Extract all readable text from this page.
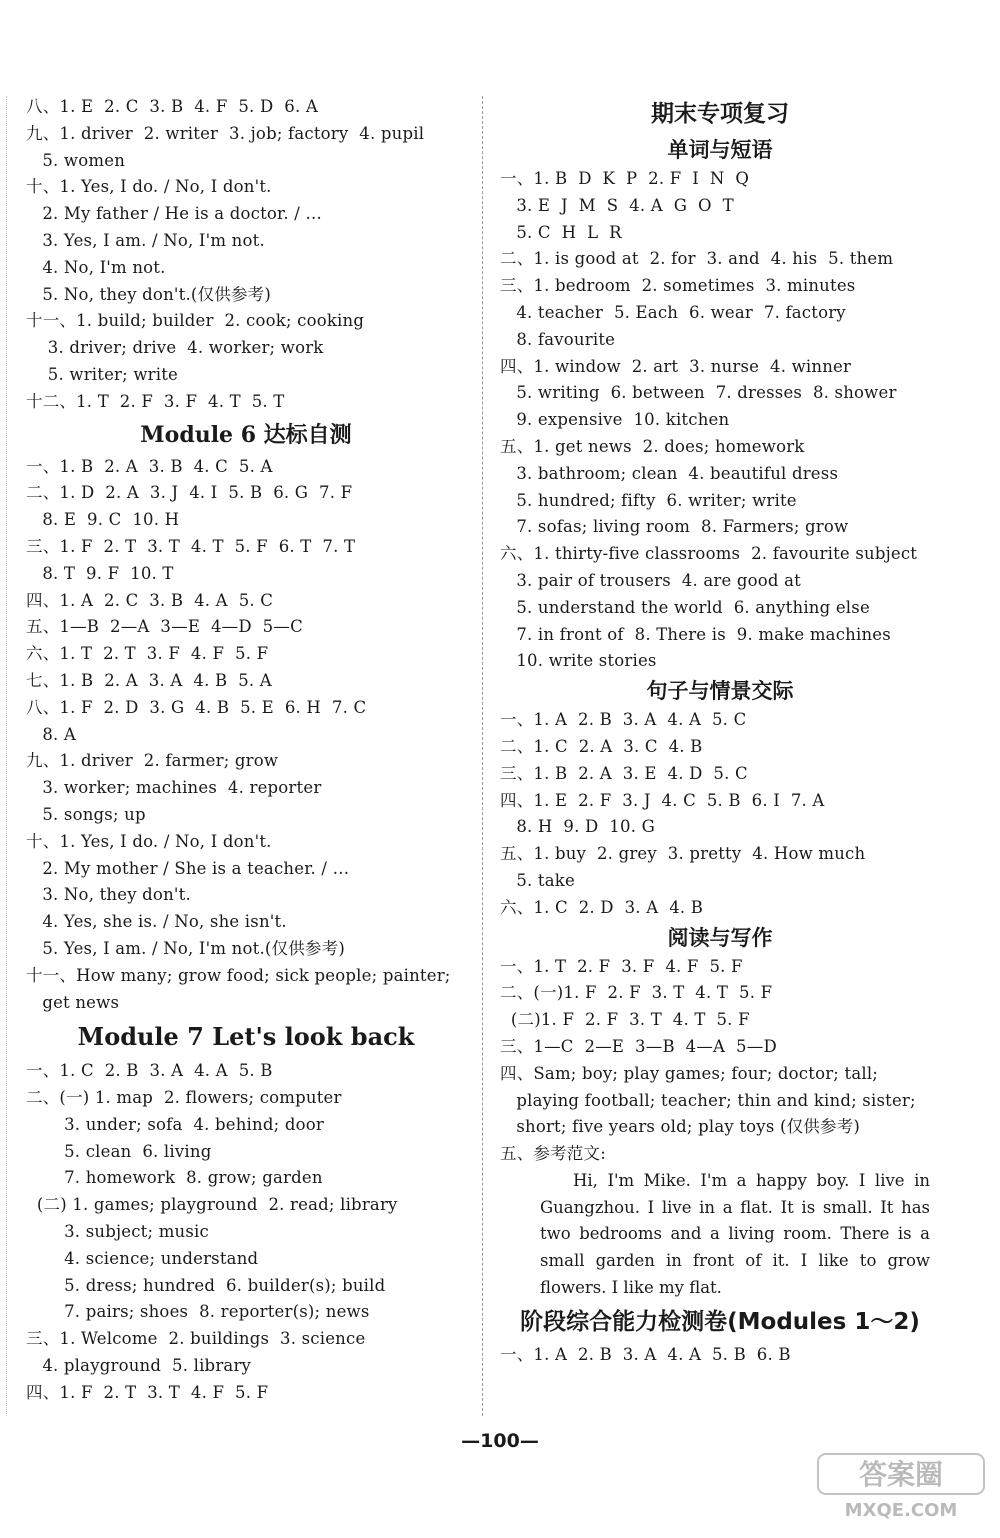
八、1. E  2. C  3. B  4. F  5. D  6. A
九、1. driver  2. writer  3. job; factory  4. pupil
5. women
十、1. Yes, I do. / No, I don't.
2. My father / He is a doctor. / …
3. Yes, I am. / No, I'm not.
4. No, I'm not.
5. No, they don't.(仅供参考)
十一、1. build; builder  2. cook; cooking
3. driver; drive  4. worker; work
5. writer; write
十二、1. T  2. F  3. F  4. T  5. T
Module 6 达标自测
一、1. B  2. A  3. B  4. C  5. A
二、1. D  2. A  3. J  4. I  5. B  6. G  7. F
8. E  9. C  10. H
三、1. F  2. T  3. T  4. T  5. F  6. T  7. T
8. T  9. F  10. T
四、1. A  2. C  3. B  4. A  5. C
五、1—B  2—A  3—E  4—D  5—C
六、1. T  2. T  3. F  4. F  5. F
七、1. B  2. A  3. A  4. B  5. A
八、1. F  2. D  3. G  4. B  5. E  6. H  7. C
8. A
九、1. driver  2. farmer; grow
3. worker; machines  4. reporter
5. songs; up
十、1. Yes, I do. / No, I don't.
2. My mother / She is a teacher. / …
3. No, they don't.
4. Yes, she is. / No, she isn't.
5. Yes, I am. / No, I'm not.(仅供参考)
十一、How many; grow food; sick people; painter;
get news
Module 7 Let's look back
一、1. C  2. B  3. A  4. A  5. B
二、(一) 1. map  2. flowers; computer
3. under; sofa  4. behind; door
5. clean  6. living
7. homework  8. grow; garden
(二) 1. games; playground  2. read; library
3. subject; music
4. science; understand
5. dress; hundred  6. builder(s); build
7. pairs; shoes  8. reporter(s); news
三、1. Welcome  2. buildings  3. science
4. playground  5. library
四、1. F  2. T  3. T  4. F  5. F
期末专项复习
单词与短语
一、1. B  D  K  P  2. F  I  N  Q
3. E  J  M  S  4. A  G  O  T
5. C  H  L  R
二、1. is good at  2. for  3. and  4. his  5. them
三、1. bedroom  2. sometimes  3. minutes
4. teacher  5. Each  6. wear  7. factory
8. favourite
四、1. window  2. art  3. nurse  4. winner
5. writing  6. between  7. dresses  8. shower
9. expensive  10. kitchen
五、1. get news  2. does; homework
3. bathroom; clean  4. beautiful dress
5. hundred; fifty  6. writer; write
7. sofas; living room  8. Farmers; grow
六、1. thirty-five classrooms  2. favourite subject
3. pair of trousers  4. are good at
5. understand the world  6. anything else
7. in front of  8. There is  9. make machines
10. write stories
句子与情景交际
一、1. A  2. B  3. A  4. A  5. C
二、1. C  2. A  3. C  4. B
三、1. B  2. A  3. E  4. D  5. C
四、1. E  2. F  3. J  4. C  5. B  6. I  7. A
8. H  9. D  10. G
五、1. buy  2. grey  3. pretty  4. How much
5. take
六、1. C  2. D  3. A  4. B
阅读与写作
一、1. T  2. F  3. F  4. F  5. F
二、(一)1. F  2. F  3. T  4. T  5. F
(二)1. F  2. F  3. T  4. T  5. F
三、1—C  2—E  3—B  4—A  5—D
四、Sam; boy; play games; four; doctor; tall;
playing football; teacher; thin and kind; sister;
short; five years old; play toys (仅供参考)
五、参考范文:
Hi, I'm Mike. I'm a happy boy. I live in Guangzhou. I live in a flat. It is small. It has two bedrooms and a living room. There is a small garden in front of it. I like to grow flowers. I like my flat.
阶段综合能力检测卷(Modules 1～2)
一、1. A  2. B  3. A  4. A  5. B  6. B
—100—
答案圈
MXQE.COM
